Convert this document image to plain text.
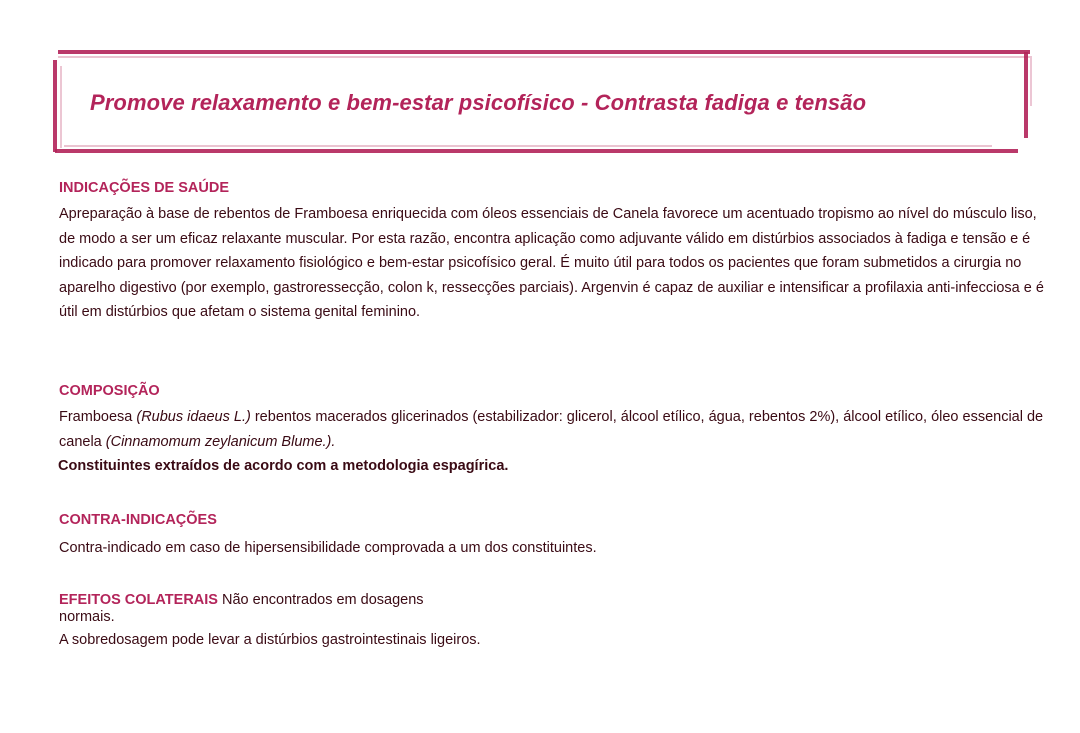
Promove relaxamento e bem-estar psicofísico - Contrasta fadiga e tensão
INDICAÇÕES DE SAÚDE

Apreparação à base de rebentos de Framboesa enriquecida com óleos essenciais de Canela favorece um acentuado tropismo ao nível do músculo liso, de modo a ser um eficaz relaxante muscular. Por esta razão, encontra aplicação como adjuvante válido em distúrbios associados à fadiga e tensão e é indicado para promover relaxamento fisiológico e bem-estar psicofísico geral. É muito útil para todos os pacientes que foram submetidos a cirurgia no aparelho digestivo (por exemplo, gastroressecção, colon k, ressecções parciais). Argenvin é capaz de auxiliar e intensificar a profilaxia anti-infecciosa e é útil em distúrbios que afetam o sistema genital feminino.

COMPOSIÇÃO

Framboesa (Rubus idaeus L.) rebentos macerados glicerinados (estabilizador: glicerol, álcool etílico, água, rebentos 2%), álcool etílico, óleo essencial de canela (Cinnamomum zeylanicum Blume.).

Constituintes extraídos de acordo com a metodologia espagírica.

CONTRA-INDICAÇÕES

Contra-indicado em caso de hipersensibilidade comprovada a um dos constituintes.

EFEITOS COLATERAIS Não encontrados em dosagens

normais.

A sobredosagem pode levar a distúrbios gastrointestinais ligeiros.
